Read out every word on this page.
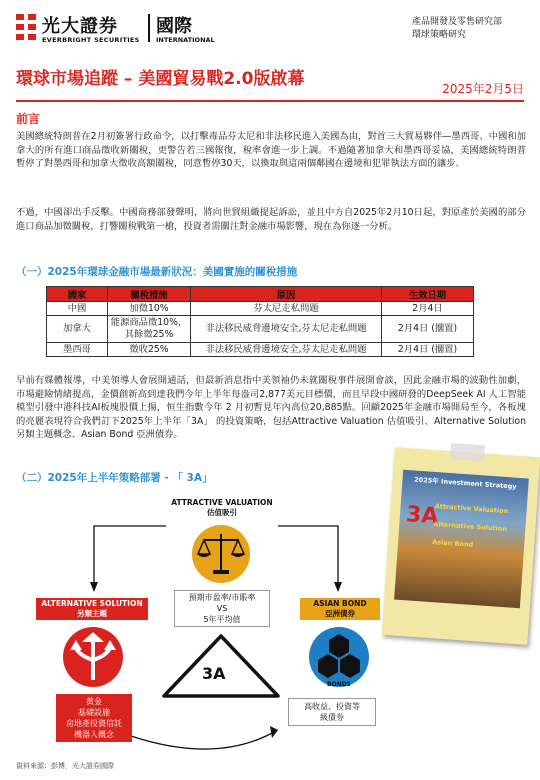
光大證券 國際
EVERBRIGHT SECURITIES	INTERNATIONAL
產品開發及零售研究部
環球策略研究
環球市場追蹤 – 美國貿易戰2.0版啟幕	2025年2月5日
前言
美國總統特朗普在2月初簽署行政命令，以打擊毒品芬太尼和非法移民進入美國為由，對首三大貿易夥伴—墨西哥、中國和加拿大的所有進口商品徵收新關稅，更警告若三國報復，稅率會進一步上調。不過隨著加拿大和墨西哥妥協，美國總統特朗普暫停了對墨西哥和加拿大徵收高額關稅，同意暫停30天，以換取與這兩個鄰國在邊境和犯罪執法方面的讓步。
不過，中國卻出手反擊。中國商務部發聲明，將向世貿組織提起訴訟，並且中方自2025年2月10日起，對原產於美國的部分進口商品加徵關稅，打響關稅戰第一槍，投資者需關注對金融市場影響，現在為你逐一分析。
（一）2025年環球金融市場最新狀況：美國實施的關稅措施
國家	關稅措施	原因	生效日期
中國	加徵10%	芬太尼走私問題	2月4日
加拿大	能源商品徵10%，其餘徵25%	非法移民威脅邊境安全,芬太尼走私問題	2月4日 (擱置)
墨西哥	徵收25%	非法移民威脅邊境安全,芬太尼走私問題	2月4日 (擱置)
早前有媒體報導，中美領導人會展開通話，但最新消息指中美領袖仍未就關稅事件展開會談，因此金融市場的波動性加劇，市場避險情緒提高，金價創新高到達我們今年上半年每盎司2,877美元目標價，而且早段中國研發的DeepSeek AI 人工智能模型引發中港科技AI板塊股價上揚，恒生指數今年 2 月初暫見年內高位20,885點。回顧2025年金融市場開局至今，各板塊的亮麗表現符合我們訂下2025年上半年「3A」 的投資策略，包括Attractive Valuation 估值吸引、Alternative Solution 另類主題概念、Asian Bond 亞洲債券。
（二）2025年上半年策略部署 - 「 3A」
ATTRACTIVE VALUATION
估值吸引
預期市盈率/市賬率
VS
5年平均值
3A
ALTERNATIVE SOLUTION
另類主題
黃金
基礎設施
房地產投資信託
機器人概念
ASIAN BOND
亞洲債券
BONDS
高收益、投資等
級債券
2025年 Investment Strategy
3A
Attractive Valuation
Alternative Solution
Asian Bond
資料來源：彭博，光大證券國際
